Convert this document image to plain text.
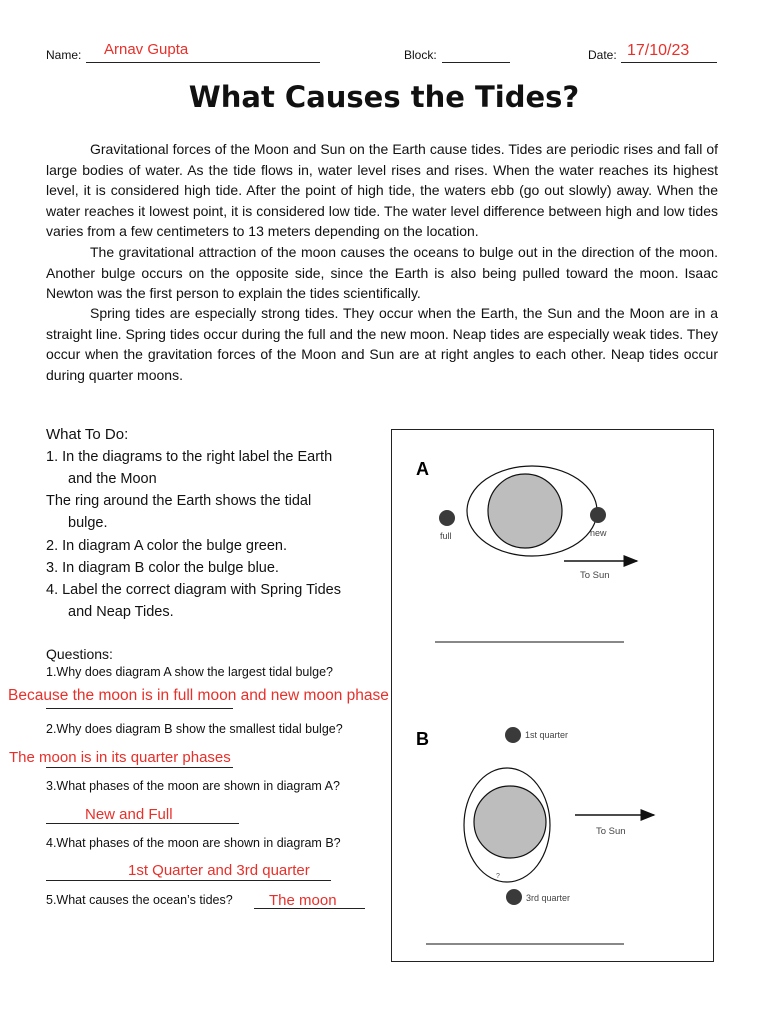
Name: Arnav Gupta	Block:	Date: 17/10/23
What Causes the Tides?

Gravitational forces of the Moon and Sun on the Earth cause tides. Tides are periodic rises and fall of large bodies of water. As the tide flows in, water level rises and rises. When the water reaches its highest level, it is considered high tide. After the point of high tide, the waters ebb (go out slowly) away. When the water reaches it lowest point, it is considered low tide. The water level difference between high and low tides varies from a few centimeters to 13 meters depending on the location.

The gravitational attraction of the moon causes the oceans to bulge out in the direction of the moon. Another bulge occurs on the opposite side, since the Earth is also being pulled toward the moon. Isaac Newton was the first person to explain the tides scientifically.

Spring tides are especially strong tides. They occur when the Earth, the Sun and the Moon are in a straight line. Spring tides occur during the full and the new moon. Neap tides are especially weak tides. They occur when the gravitation forces of the Moon and Sun are at right angles to each other. Neap tides occur during quarter moons.

What To Do:
1. In the diagrams to the right label the Earth
and the Moon
The ring around the Earth shows the tidal
bulge.
2. In diagram A color the bulge green.
3. In diagram B color the bulge blue.
4. Label the correct diagram with Spring Tides
and Neap Tides.
Questions:
1.Why does diagram A show the largest tidal bulge?
Because the moon is in full moon and new moon phase
2.Why does diagram B show the smallest tidal bulge?
The moon is in its quarter phases
3.What phases of the moon are shown in diagram A?
New and Full
4.What phases of the moon are shown in diagram B?
1st Quarter and 3rd quarter
5.What causes the ocean’s tides? The moon
A
full	new
To Sun
B	1st quarter
?
3rd quarter
To Sun
